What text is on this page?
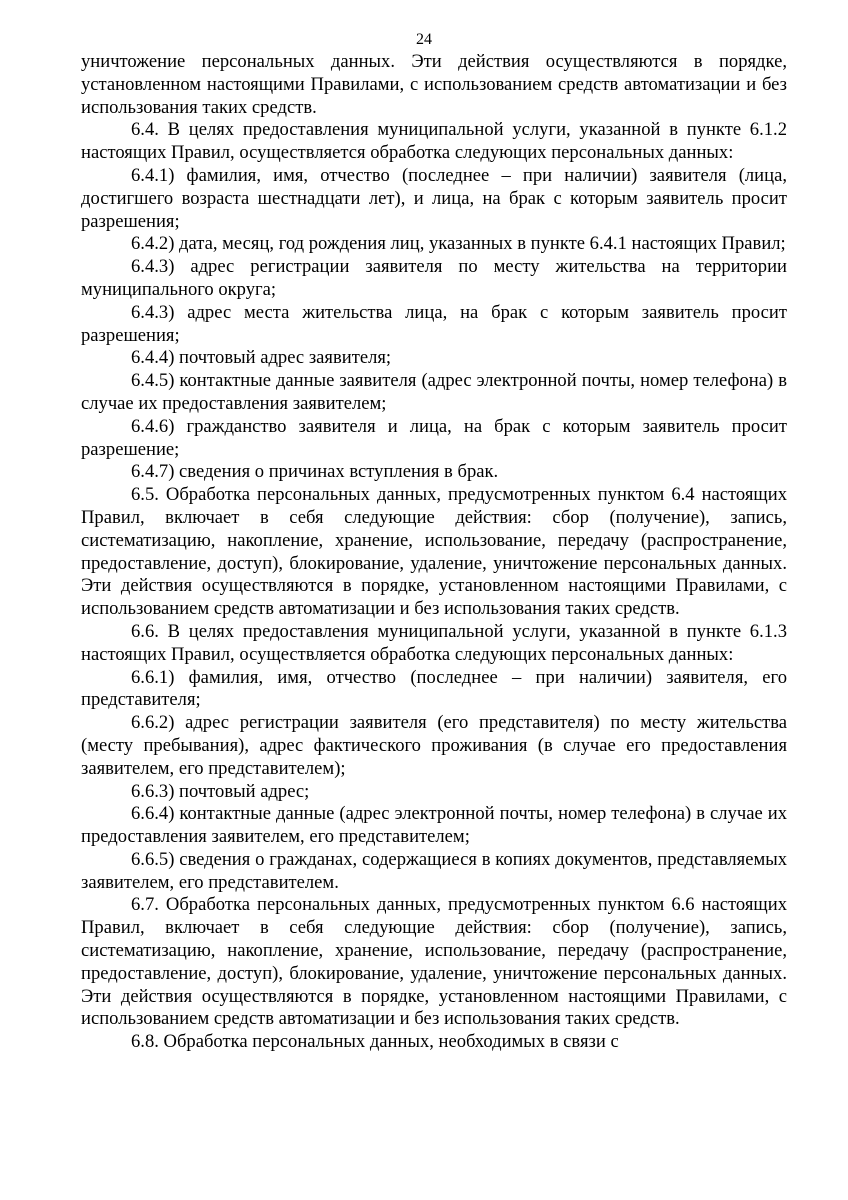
24

уничтожение персональных данных. Эти действия осуществляются в порядке, установленном настоящими Правилами, с использованием средств автоматизации и без использования таких средств.

6.4. В целях предоставления муниципальной услуги, указанной в пункте 6.1.2 настоящих Правил, осуществляется обработка следующих персональных данных:

6.4.1) фамилия, имя, отчество (последнее – при наличии) заявителя (лица, достигшего возраста шестнадцати лет), и лица, на брак с которым заявитель просит разрешения;

6.4.2) дата, месяц, год рождения лиц, указанных в пункте 6.4.1 настоящих Правил;

6.4.3) адрес регистрации заявителя по месту жительства на территории муниципального округа;

6.4.3) адрес места жительства лица, на брак с которым заявитель просит разрешения;

6.4.4) почтовый адрес заявителя;

6.4.5) контактные данные заявителя (адрес электронной почты, номер телефона) в случае их предоставления заявителем;

6.4.6) гражданство заявителя и лица, на брак с которым заявитель просит разрешение;

6.4.7) сведения о причинах вступления в брак.

6.5. Обработка персональных данных, предусмотренных пунктом 6.4 настоящих Правил, включает в себя следующие действия: сбор (получение), запись, систематизацию, накопление, хранение, использование, передачу (распространение, предоставление, доступ), блокирование, удаление, уничтожение персональных данных. Эти действия осуществляются в порядке, установленном настоящими Правилами, с использованием средств автоматизации и без использования таких средств.

6.6. В целях предоставления муниципальной услуги, указанной в пункте 6.1.3 настоящих Правил, осуществляется обработка следующих персональных данных:

6.6.1) фамилия, имя, отчество (последнее – при наличии) заявителя, его представителя;

6.6.2) адрес регистрации заявителя (его представителя) по месту жительства (месту пребывания), адрес фактического проживания (в случае его предоставления заявителем, его представителем);

6.6.3) почтовый адрес;

6.6.4) контактные данные (адрес электронной почты, номер телефона) в случае их предоставления заявителем, его представителем;

6.6.5) сведения о гражданах, содержащиеся в копиях документов, представляемых заявителем, его представителем.

6.7. Обработка персональных данных, предусмотренных пунктом 6.6 настоящих Правил, включает в себя следующие действия: сбор (получение), запись, систематизацию, накопление, хранение, использование, передачу (распространение, предоставление, доступ), блокирование, удаление, уничтожение персональных данных. Эти действия осуществляются в порядке, установленном настоящими Правилами, с использованием средств автоматизации и без использования таких средств.

6.8. Обработка персональных данных, необходимых в связи с
